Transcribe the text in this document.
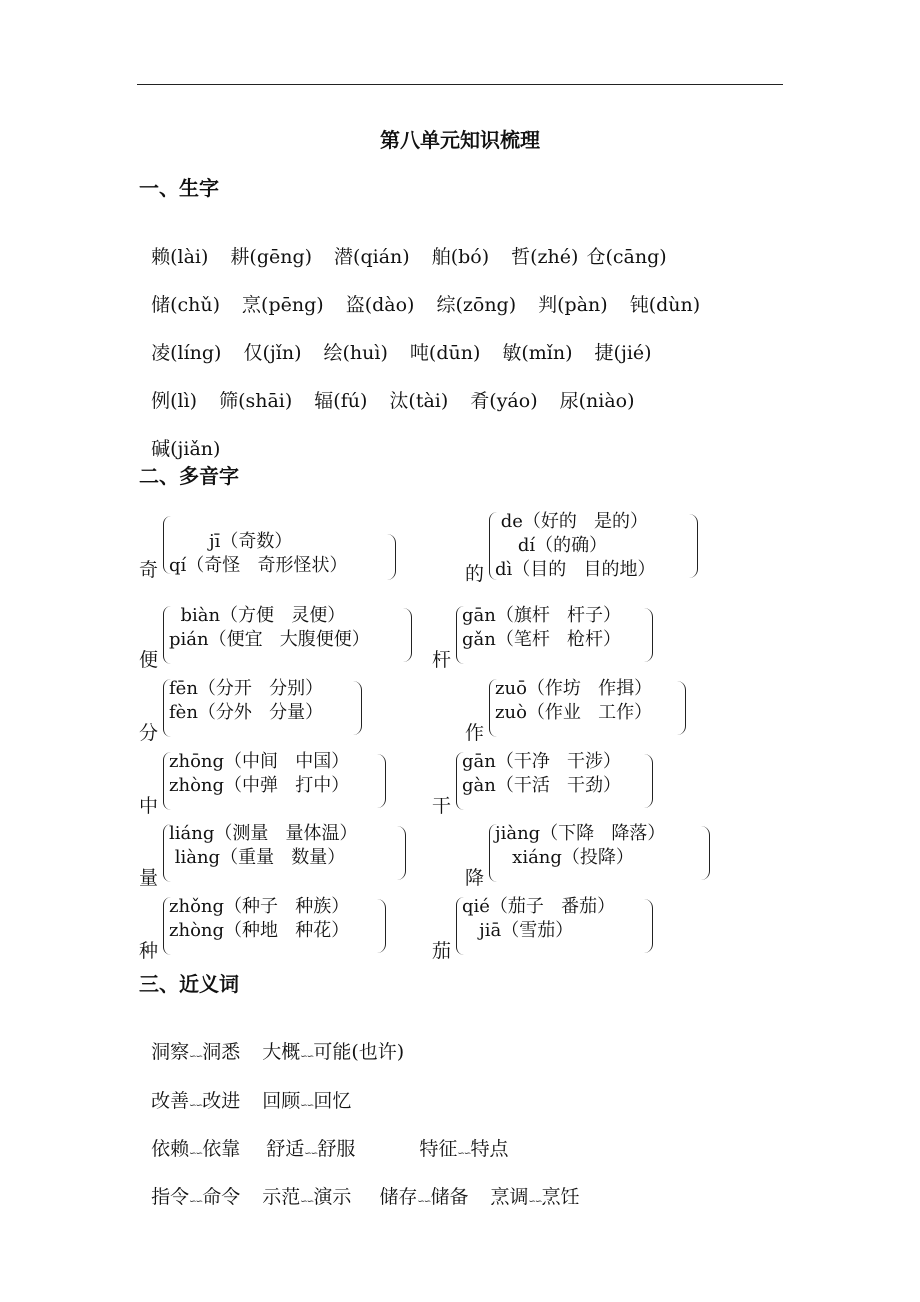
第八单元知识梳理
一、生字

赖(lài) 耕(gēng) 潜(qián) 舶(bó) 哲(zhé) 仓(cāng)

储(chǔ) 烹(pēng) 盗(dào) 综(zōng) 判(pàn) 钝(dùn)

凌(líng) 仅(jǐn) 绘(huì) 吨(dūn) 敏(mǐn) 捷(jié)

例(lì) 筛(shāi) 辐(fú) 汰(tài) 肴(yáo) 尿(niào)

碱(jiǎn)

二、多音字
奇
jī（奇数）
qí（奇怪   奇形怪状）	的
de（好的   是的）
dí（的确）
dì（目的   目的地）
便
biàn（方便   灵便）
pián（便宜   大腹便便）
杆
gān（旗杆   杆子）
gǎn（笔杆   枪杆）
分
fēn（分开   分别）
fèn（分外   分量）
作
zuō（作坊   作揖）
zuò（作业   工作）
中
zhōng（中间   中国）
zhòng（中弹   打中）
干
gān（干净   干涉）
gàn（干活   干劲）
量
liáng（测量   量体温）
liàng（重量   数量）
降
jiàng（下降   降落）
xiáng（投降）
种
zhǒng（种子   种族）
zhòng（种地   种花）
茄
qié（茄子   番茄）
jiā（雪茄）
三、近义词

洞察∽∽洞悉 大概∽∽可能(也许)

改善∽∽改进 回顾∽∽回忆

依赖∽∽依靠 舒适∽∽舒服	特征∽∽特点

指令∽∽命令 示范∽∽演示 储存∽∽储备 烹调∽∽烹饪
